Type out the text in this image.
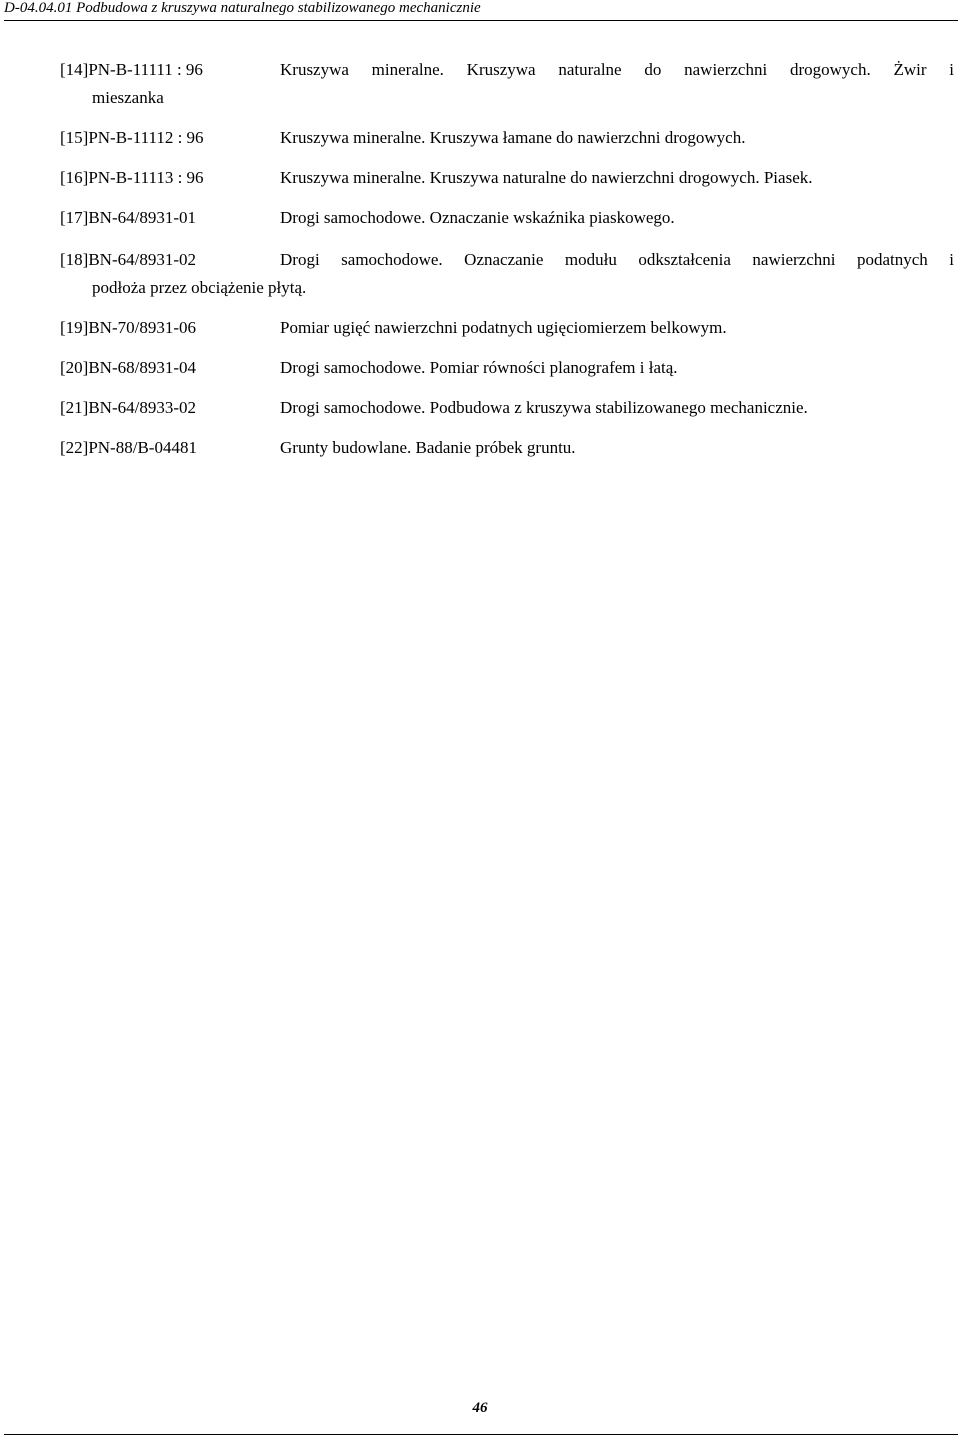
D-04.04.01 Podbudowa z kruszywa naturalnego stabilizowanego mechanicznie
[14]PN-B-11111 : 96	Kruszywa mineralne. Kruszywa naturalne do nawierzchni drogowych. Żwir i
mieszanka
[15]PN-B-11112 : 96	Kruszywa mineralne. Kruszywa łamane do nawierzchni drogowych.
[16]PN-B-11113 : 96	Kruszywa mineralne. Kruszywa naturalne do nawierzchni drogowych. Piasek.
[17]BN-64/8931-01	Drogi samochodowe. Oznaczanie wskaźnika piaskowego.
[18]BN-64/8931-02	Drogi samochodowe. Oznaczanie modułu odkształcenia nawierzchni podatnych i
podłoża przez obciążenie płytą.
[19]BN-70/8931-06	Pomiar ugięć nawierzchni podatnych ugięciomierzem belkowym.
[20]BN-68/8931-04	Drogi samochodowe. Pomiar równości planografem i łatą.
[21]BN-64/8933-02	Drogi samochodowe. Podbudowa z kruszywa stabilizowanego mechanicznie.
[22]PN-88/B-04481	Grunty budowlane. Badanie próbek gruntu.
46
